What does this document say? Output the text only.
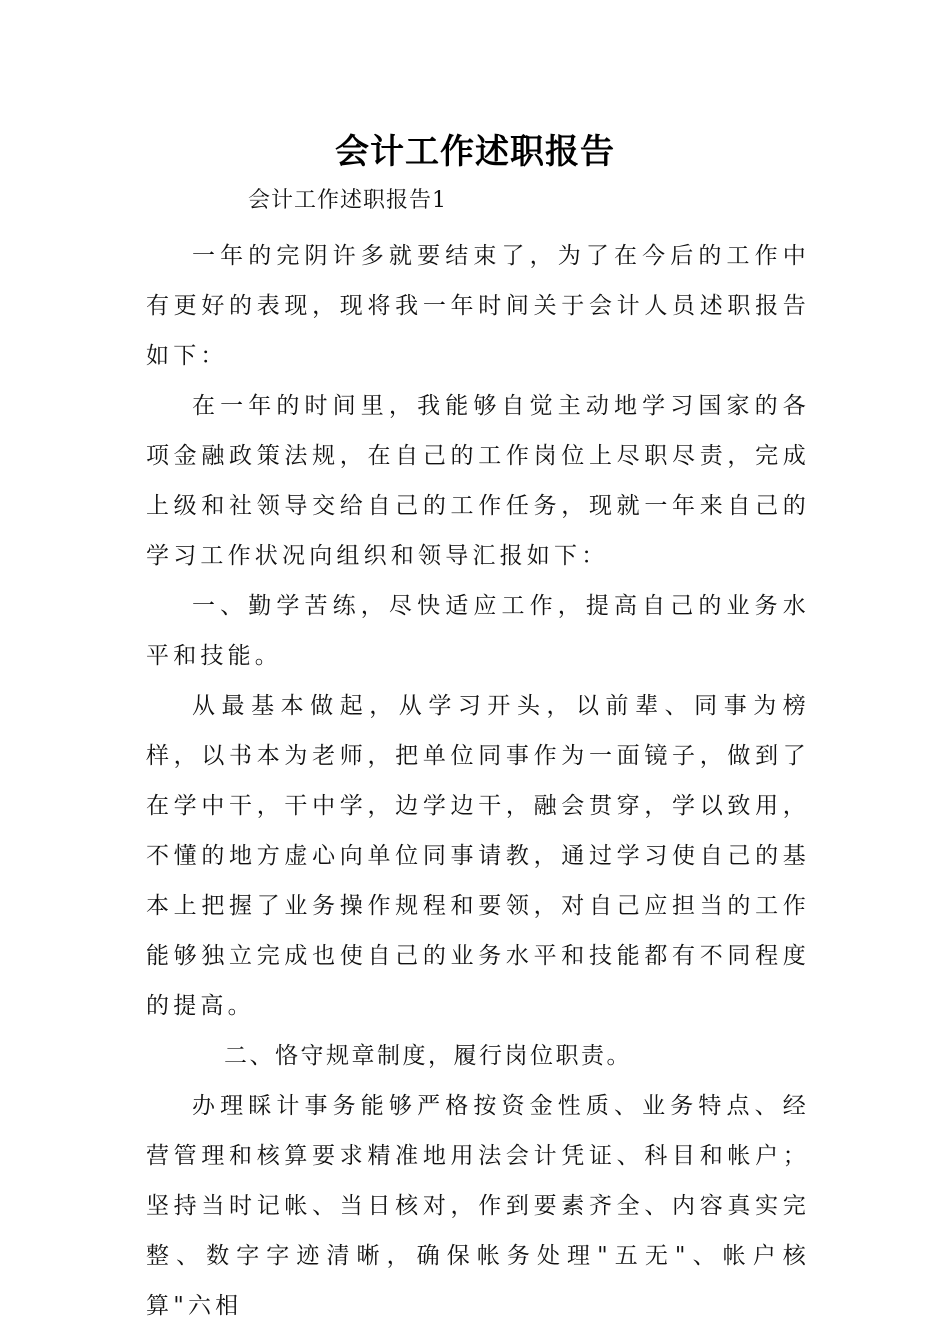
会计工作述职报告

会计工作述职报告1

一年的完阴许多就要结束了，为了在今后的工作中有更好的表现，现将我一年时间关于会计人员述职报告如下：

在一年的时间里，我能够自觉主动地学习国家的各项金融政策法规，在自己的工作岗位上尽职尽责，完成上级和社领导交给自己的工作任务，现就一年来自己的学习工作状况向组织和领导汇报如下：

一、勤学苦练，尽快适应工作，提高自己的业务水平和技能。

从最基本做起，从学习开头，以前辈、同事为榜样，以书本为老师，把单位同事作为一面镜子，做到了在学中干，干中学，边学边干，融会贯穿，学以致用，不懂的地方虚心向单位同事请教，通过学习使自己的基本上把握了业务操作规程和要领，对自己应担当的工作能够独立完成也使自己的业务水平和技能都有不同程度的提高。

二、恪守规章制度，履行岗位职责。

办理睬计事务能够严格按资金性质、业务特点、经营管理和核算要求精准地用法会计凭证、科目和帐户；坚持当时记帐、当日核对，作到要素齐全、内容真实完整、数字字迹清晰，确保帐务处理"五无"、帐户核算"六相
